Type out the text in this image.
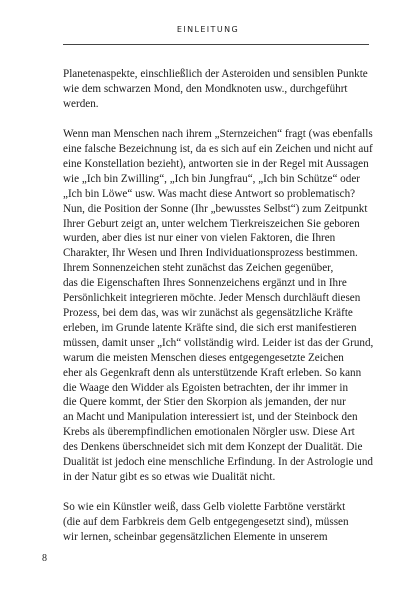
EINLEITUNG

Planetenaspekte, einschließlich der Asteroiden und sensiblen Punkte
wie dem schwarzen Mond, den Mondknoten usw., durchgeführt
werden.

Wenn man Menschen nach ihrem „Sternzeichen“ fragt (was ebenfalls
eine falsche Bezeichnung ist, da es sich auf ein Zeichen und nicht auf
eine Konstellation bezieht), antworten sie in der Regel mit Aussagen
wie „Ich bin Zwilling“, „Ich bin Jungfrau“, „Ich bin Schütze“ oder
„Ich bin Löwe“ usw. Was macht diese Antwort so problematisch?
Nun, die Position der Sonne (Ihr „bewusstes Selbst“) zum Zeitpunkt
Ihrer Geburt zeigt an, unter welchem Tierkreiszeichen Sie geboren
wurden, aber dies ist nur einer von vielen Faktoren, die Ihren
Charakter, Ihr Wesen und Ihren Individuationsprozess bestimmen.
Ihrem Sonnenzeichen steht zunächst das Zeichen gegenüber,
das die Eigenschaften Ihres Sonnenzeichens ergänzt und in Ihre
Persönlichkeit integrieren möchte. Jeder Mensch durchläuft diesen
Prozess, bei dem das, was wir zunächst als gegensätzliche Kräfte
erleben, im Grunde latente Kräfte sind, die sich erst manifestieren
müssen, damit unser „Ich“ vollständig wird. Leider ist das der Grund,
warum die meisten Menschen dieses entgegengesetzte Zeichen
eher als Gegenkraft denn als unterstützende Kraft erleben. So kann
die Waage den Widder als Egoisten betrachten, der ihr immer in
die Quere kommt, der Stier den Skorpion als jemanden, der nur
an Macht und Manipulation interessiert ist, und der Steinbock den
Krebs als überempfindlichen emotionalen Nörgler usw. Diese Art
des Denkens überschneidet sich mit dem Konzept der Dualität. Die
Dualität ist jedoch eine menschliche Erfindung. In der Astrologie und
in der Natur gibt es so etwas wie Dualität nicht.

So wie ein Künstler weiß, dass Gelb violette Farbtöne verstärkt
(die auf dem Farbkreis dem Gelb entgegengesetzt sind), müssen
wir lernen, scheinbar gegensätzlichen Elemente in unserem

8
